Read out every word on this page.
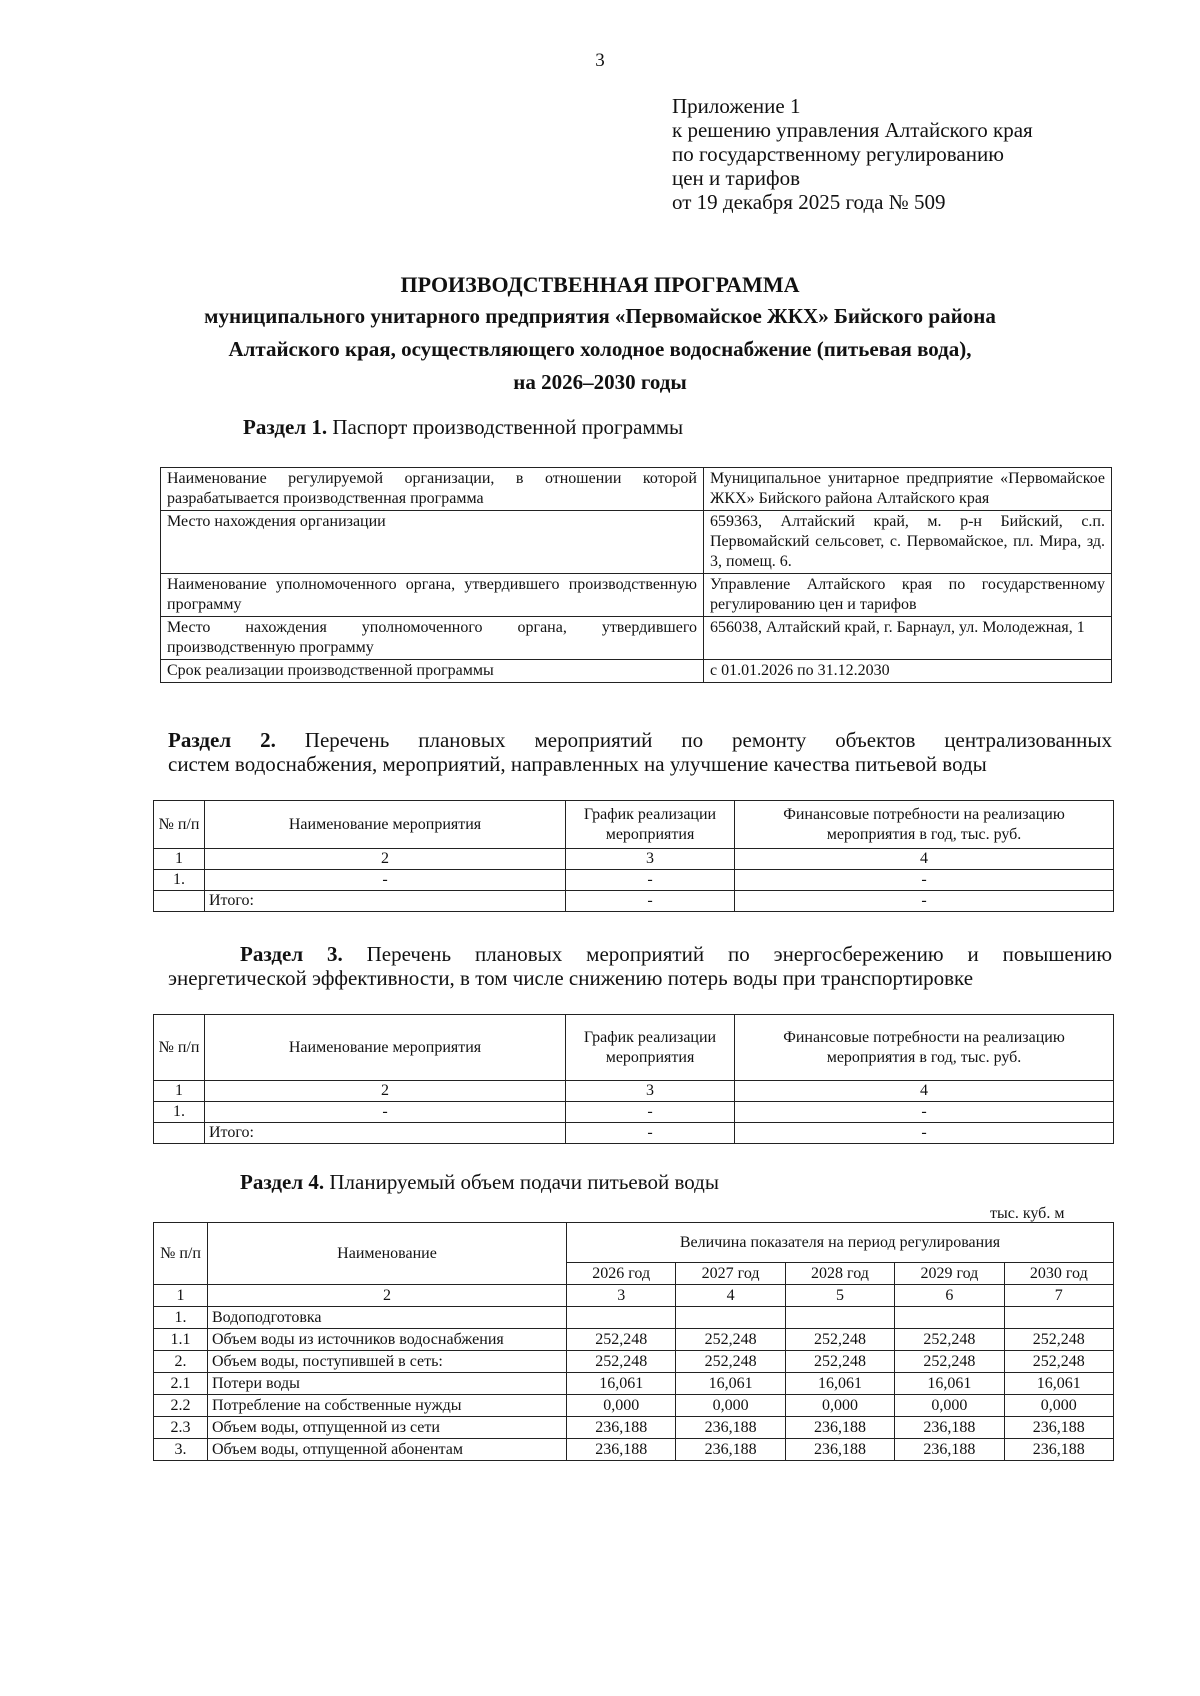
3
Приложение 1
к решению управления Алтайского края
по государственному регулированию
цен и тарифов
от 19 декабря 2025 года № 509
ПРОИЗВОДСТВЕННАЯ ПРОГРАММА
муниципального унитарного предприятия «Первомайское ЖКХ» Бийского района
Алтайского края, осуществляющего холодное водоснабжение (питьевая вода),
на 2026–2030 годы
Раздел 1. Паспорт производственной программы
Наименование регулируемой организации, в отношении которой разрабатывается производственная программа	Муниципальное унитарное предприятие «Первомайское ЖКХ» Бийского района Алтайского края
Место нахождения организации	659363, Алтайский край, м. р-н Бийский, с.п. Первомайский сельсовет, с. Первомайское, пл. Мира, зд. 3, помещ. 6.
Наименование уполномоченного органа, утвердившего производственную программу	Управление Алтайского края по государственному регулированию цен и тарифов
Место нахождения уполномоченного органа, утвердившего производственную программу	656038, Алтайский край, г. Барнаул, ул. Молодежная, 1
Срок реализации производственной программы	с 01.01.2026 по 31.12.2030
Раздел 2. Перечень плановых мероприятий по ремонту объектов централизованных
систем водоснабжения, мероприятий, направленных на улучшение качества питьевой воды
№ п/п	Наименование мероприятия	График реализации мероприятия	Финансовые потребности на реализацию мероприятия в год, тыс. руб.
1	2	3	4
1.	-	-	-
	Итого:	-	-
Раздел 3. Перечень плановых мероприятий по энергосбережению и повышению
энергетической эффективности, в том числе снижению потерь воды при транспортировке
№ п/п	Наименование мероприятия	График реализации мероприятия	Финансовые потребности на реализацию мероприятия в год, тыс. руб.
1	2	3	4
1.	-	-	-
	Итого:	-	-
Раздел 4. Планируемый объем подачи питьевой воды
тыс. куб. м
№ п/п	Наименование	Величина показателя на период регулирования				
		2026 год	2027 год	2028 год	2029 год	2030 год
1	2	3	4	5	6	7
1.	Водоподготовка					
1.1	Объем воды из источников водоснабжения	252,248	252,248	252,248	252,248	252,248
2.	Объем воды, поступившей в сеть:	252,248	252,248	252,248	252,248	252,248
2.1	Потери воды	16,061	16,061	16,061	16,061	16,061
2.2	Потребление на собственные нужды	0,000	0,000	0,000	0,000	0,000
2.3	Объем воды, отпущенной из сети	236,188	236,188	236,188	236,188	236,188
3.	Объем воды, отпущенной абонентам	236,188	236,188	236,188	236,188	236,188
